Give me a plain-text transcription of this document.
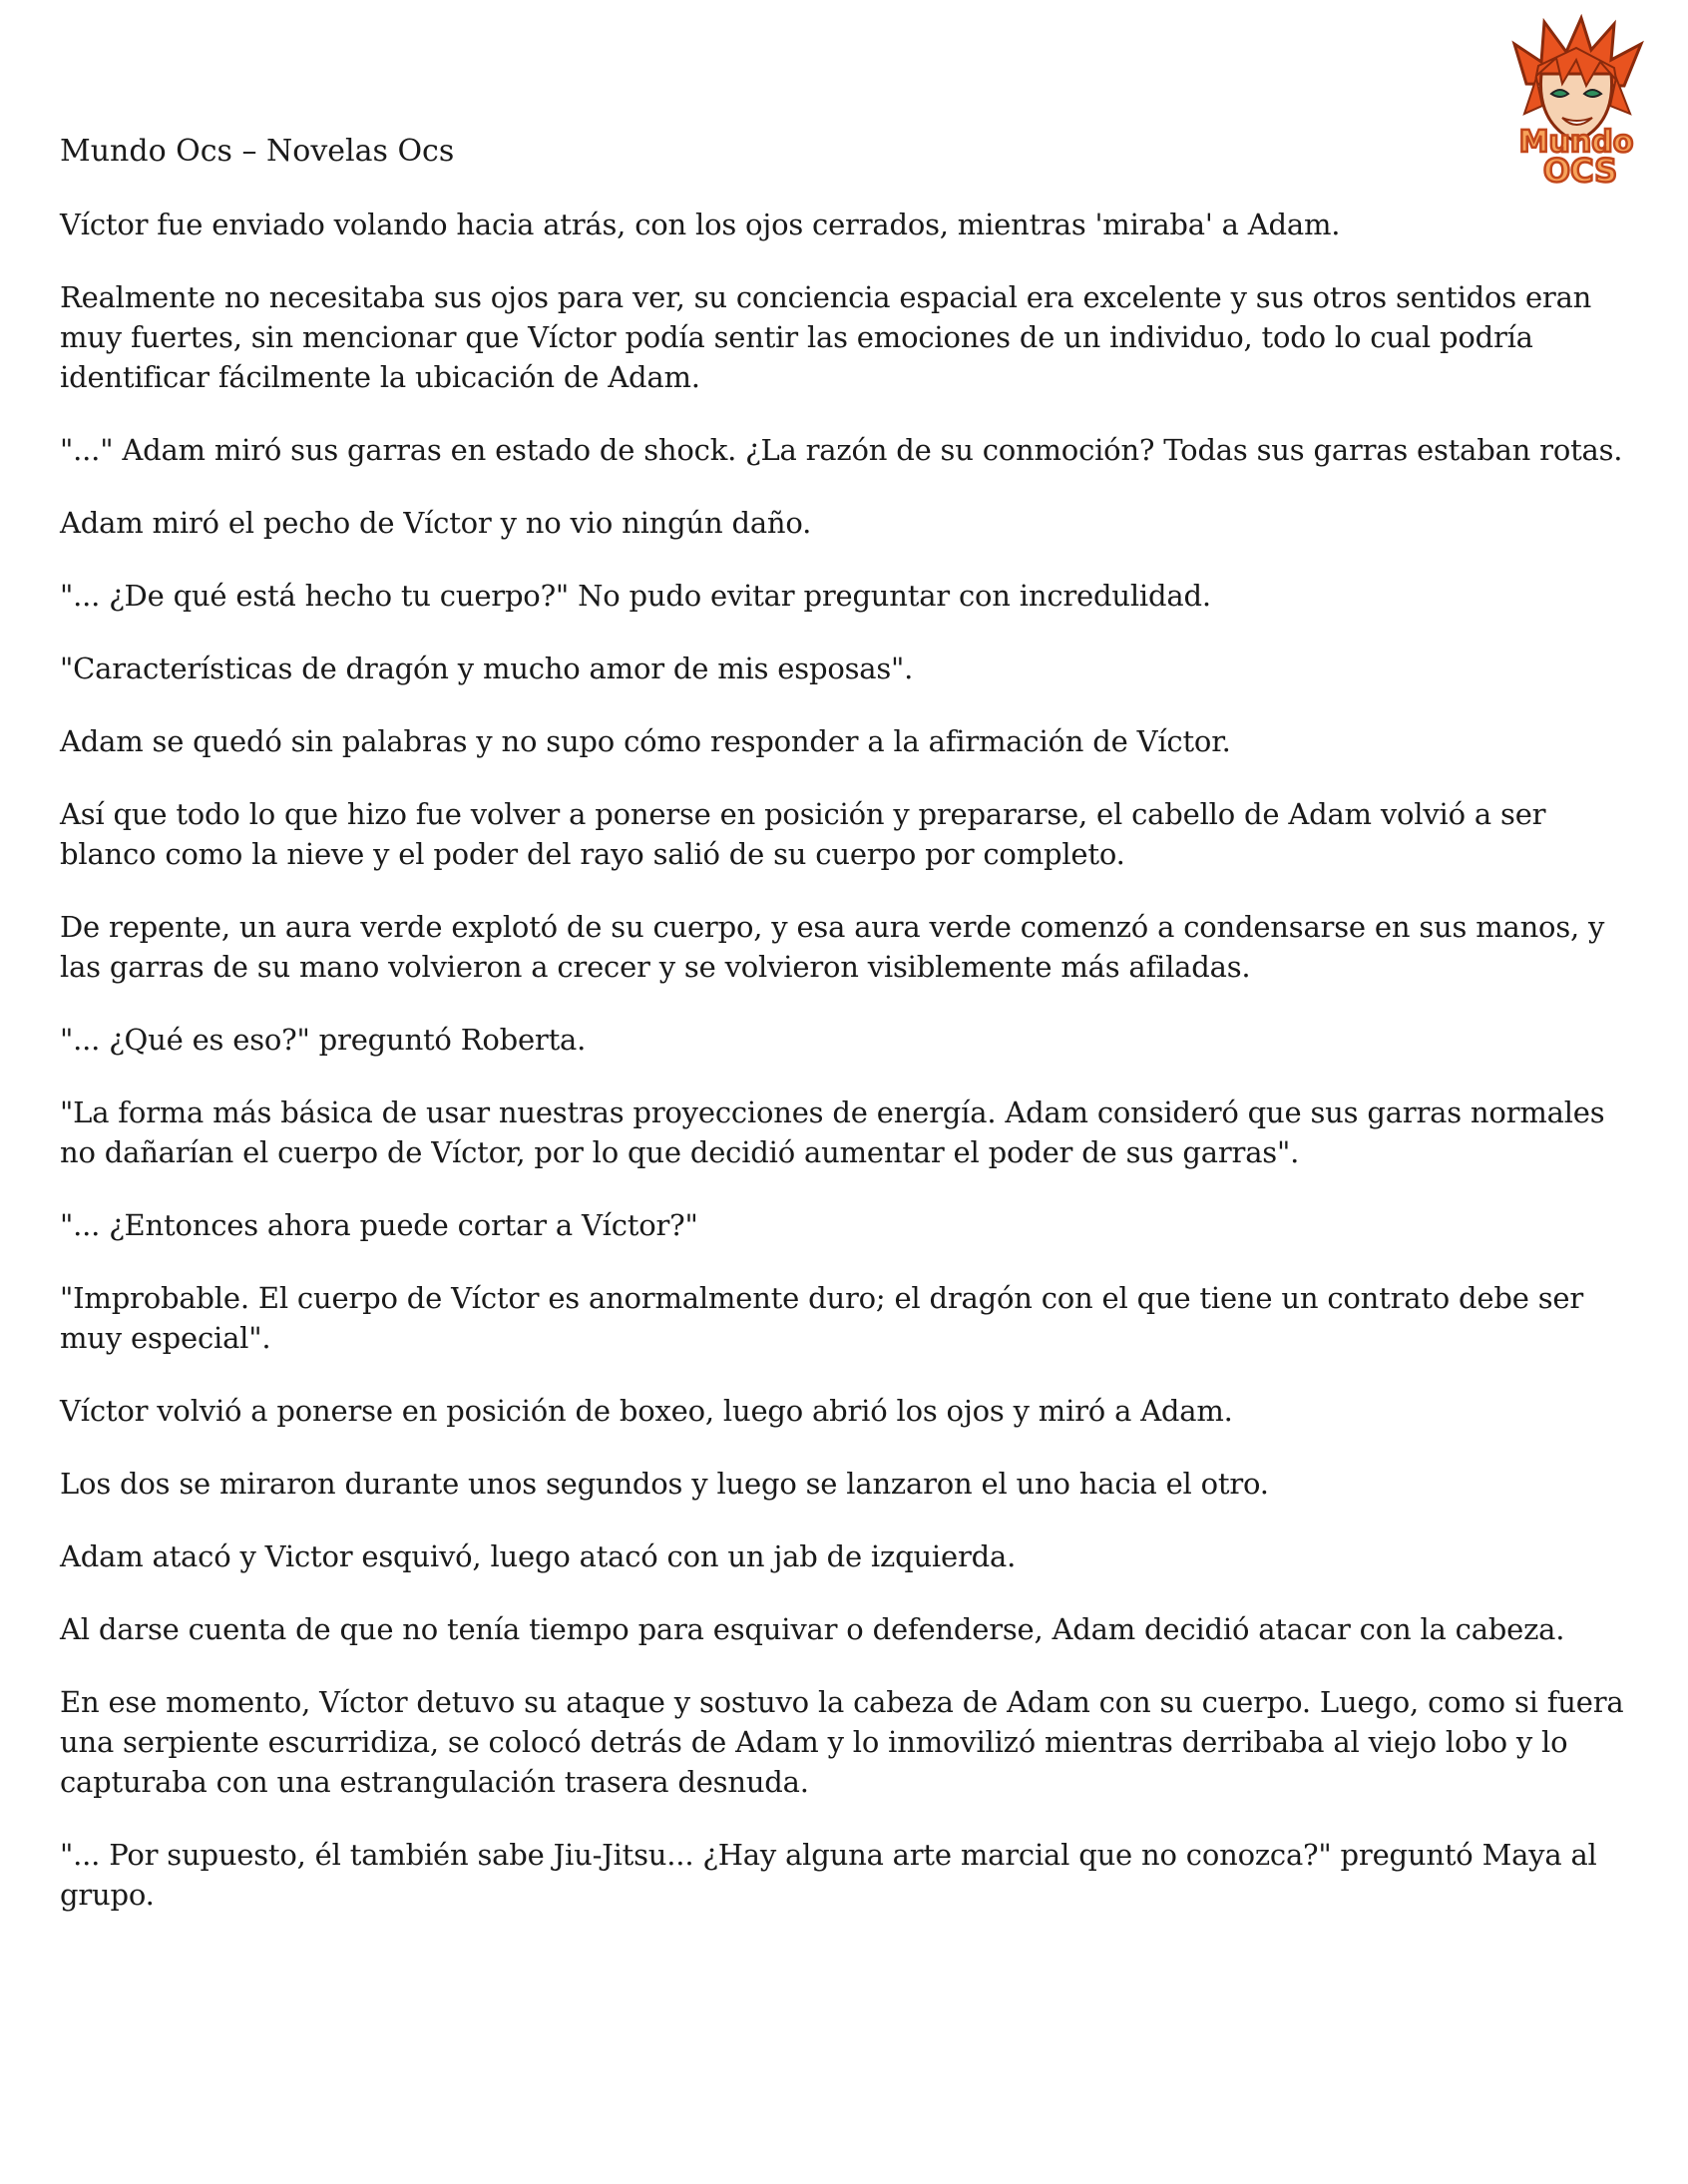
Mundo
OCS
Mundo Ocs – Novelas Ocs

Víctor fue enviado volando hacia atrás, con los ojos cerrados, mientras 'miraba' a Adam.

Realmente no necesitaba sus ojos para ver, su conciencia espacial era excelente y sus otros sentidos eran muy fuertes, sin mencionar que Víctor podía sentir las emociones de un individuo, todo lo cual podría identificar fácilmente la ubicación de Adam.

"..." Adam miró sus garras en estado de shock. ¿La razón de su conmoción? Todas sus garras estaban rotas.

Adam miró el pecho de Víctor y no vio ningún daño.

"... ¿De qué está hecho tu cuerpo?" No pudo evitar preguntar con incredulidad.

"Características de dragón y mucho amor de mis esposas".

Adam se quedó sin palabras y no supo cómo responder a la afirmación de Víctor.

Así que todo lo que hizo fue volver a ponerse en posición y prepararse, el cabello de Adam volvió a ser blanco como la nieve y el poder del rayo salió de su cuerpo por completo.

De repente, un aura verde explotó de su cuerpo, y esa aura verde comenzó a condensarse en sus manos, y las garras de su mano volvieron a crecer y se volvieron visiblemente más afiladas.

"... ¿Qué es eso?" preguntó Roberta.

"La forma más básica de usar nuestras proyecciones de energía. Adam consideró que sus garras normales no dañarían el cuerpo de Víctor, por lo que decidió aumentar el poder de sus garras".

"... ¿Entonces ahora puede cortar a Víctor?"

"Improbable. El cuerpo de Víctor es anormalmente duro; el dragón con el que tiene un contrato debe ser muy especial".

Víctor volvió a ponerse en posición de boxeo, luego abrió los ojos y miró a Adam.

Los dos se miraron durante unos segundos y luego se lanzaron el uno hacia el otro.

Adam atacó y Victor esquivó, luego atacó con un jab de izquierda.

Al darse cuenta de que no tenía tiempo para esquivar o defenderse, Adam decidió atacar con la cabeza.

En ese momento, Víctor detuvo su ataque y sostuvo la cabeza de Adam con su cuerpo. Luego, como si fuera una serpiente escurridiza, se colocó detrás de Adam y lo inmovilizó mientras derribaba al viejo lobo y lo capturaba con una estrangulación trasera desnuda.

"... Por supuesto, él también sabe Jiu-Jitsu... ¿Hay alguna arte marcial que no conozca?" preguntó Maya al grupo.
